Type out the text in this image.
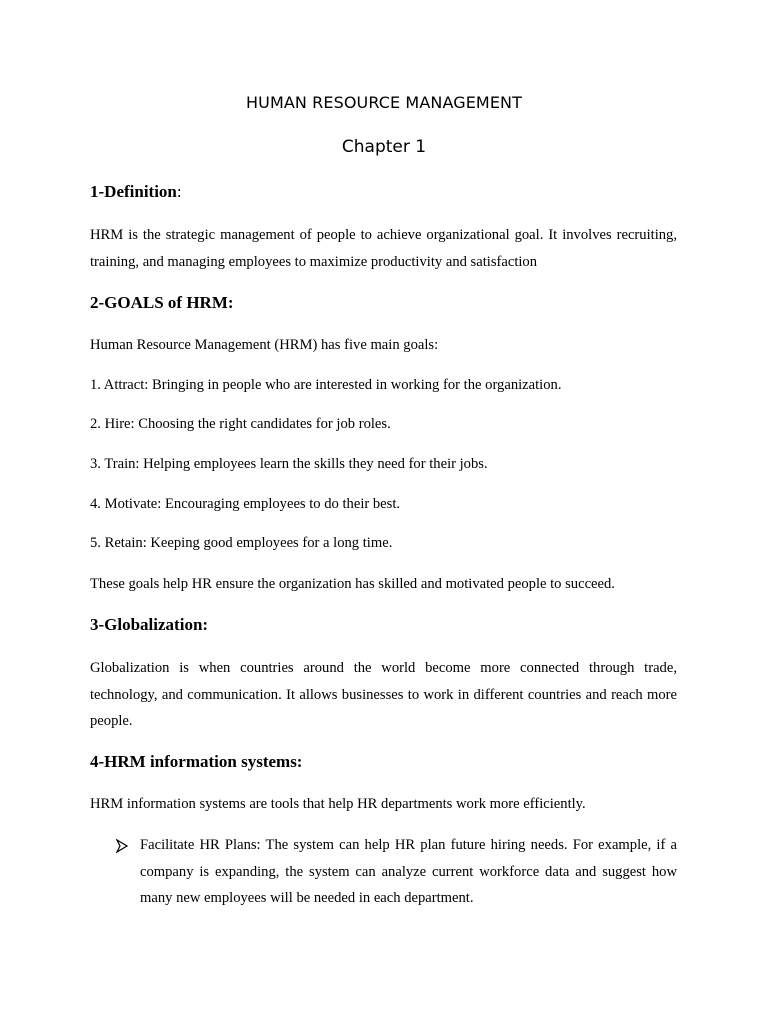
HUMAN RESOURCE MANAGEMENT
Chapter 1
1-Definition:

HRM is the strategic management of people to achieve organizational goal. It involves recruiting, training, and managing employees to maximize productivity and satisfaction

2-GOALS of HRM:

Human Resource Management (HRM) has five main goals:

1. Attract: Bringing in people who are interested in working for the organization.

2. Hire: Choosing the right candidates for job roles.

3. Train: Helping employees learn the skills they need for their jobs.

4. Motivate: Encouraging employees to do their best.

5. Retain: Keeping good employees for a long time.

These goals help HR ensure the organization has skilled and motivated people to succeed.

3-Globalization:

Globalization is when countries around the world become more connected through trade, technology, and communication. It allows businesses to work in different countries and reach more people.

4-HRM information systems:

HRM information systems are tools that help HR departments work more efficiently.

Facilitate HR Plans: The system can help HR plan future hiring needs. For example, if a company is expanding, the system can analyze current workforce data and suggest how many new employees will be needed in each department.
